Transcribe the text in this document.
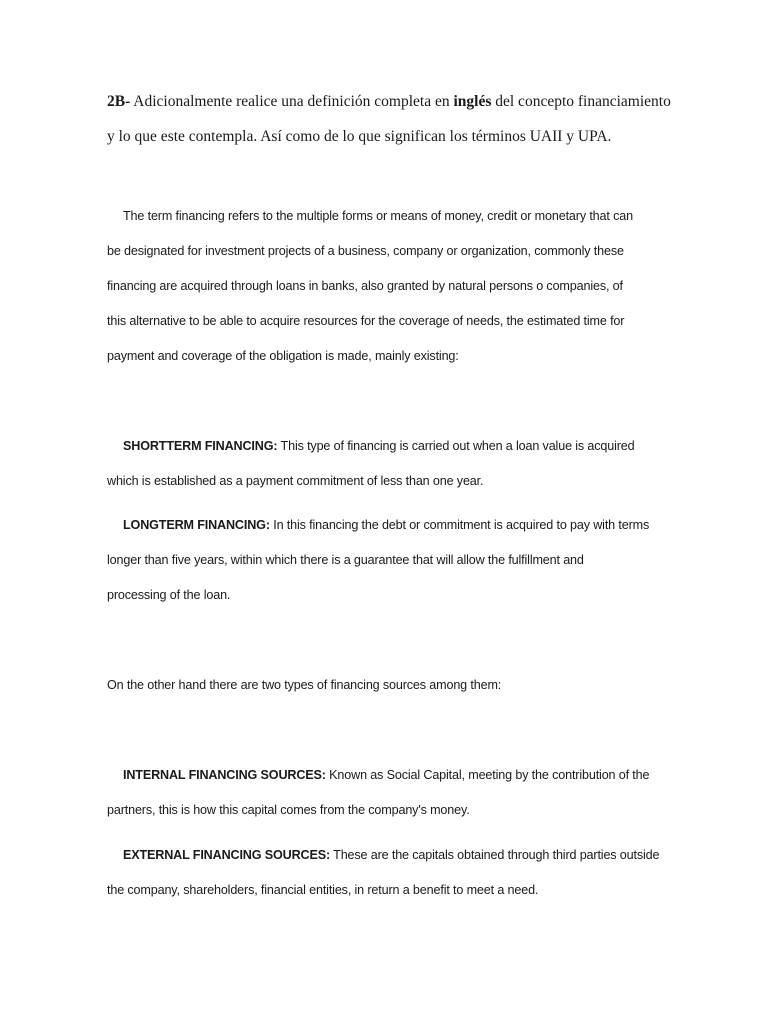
2B- Adicionalmente realice una definición completa en inglés del concepto financiamiento
y lo que este contempla. Así como de lo que significan los términos UAII y UPA.
The term financing refers to the multiple forms or means of money, credit or monetary that can
be designated for investment projects of a business, company or organization, commonly these
financing are acquired through loans in banks, also granted by natural persons o companies, of
this alternative to be able to acquire resources for the coverage of needs, the estimated time for
payment and coverage of the obligation is made, mainly existing:
SHORTTERM FINANCING: This type of financing is carried out when a loan value is acquired
which is established as a payment commitment of less than one year.
LONGTERM FINANCING: In this financing the debt or commitment is acquired to pay with terms
longer than five years, within which there is a guarantee that will allow the fulfillment and
processing of the loan.
On the other hand there are two types of financing sources among them:
INTERNAL FINANCING SOURCES: Known as Social Capital, meeting by the contribution of the
partners, this is how this capital comes from the company's money.
EXTERNAL FINANCING SOURCES: These are the capitals obtained through third parties outside
the company, shareholders, financial entities, in return a benefit to meet a need.
